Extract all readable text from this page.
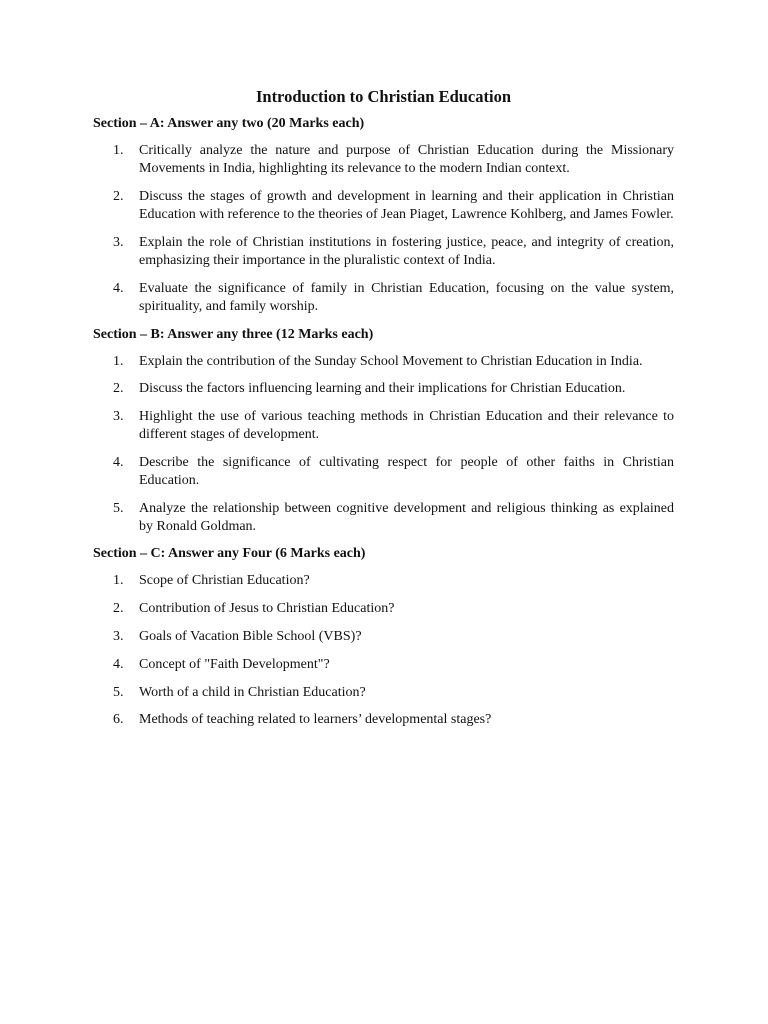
Introduction to Christian Education
Section – A: Answer any two (20 Marks each)
1.	Critically analyze the nature and purpose of Christian Education during the Missionary Movements in India, highlighting its relevance to the modern Indian context.
2.	Discuss the stages of growth and development in learning and their application in Christian Education with reference to the theories of Jean Piaget, Lawrence Kohlberg, and James Fowler.
3.	Explain the role of Christian institutions in fostering justice, peace, and integrity of creation, emphasizing their importance in the pluralistic context of India.
4.	Evaluate the significance of family in Christian Education, focusing on the value system, spirituality, and family worship.
Section – B: Answer any three (12 Marks each)
1.	Explain the contribution of the Sunday School Movement to Christian Education in India.
2.	Discuss the factors influencing learning and their implications for Christian Education.
3.	Highlight the use of various teaching methods in Christian Education and their relevance to different stages of development.
4.	Describe the significance of cultivating respect for people of other faiths in Christian Education.
5.	Analyze the relationship between cognitive development and religious thinking as explained by Ronald Goldman.
Section – C: Answer any Four (6 Marks each)
1.	Scope of Christian Education?
2.	Contribution of Jesus to Christian Education?
3.	Goals of Vacation Bible School (VBS)?
4.	Concept of "Faith Development"?
5.	Worth of a child in Christian Education?
6.	Methods of teaching related to learners’ developmental stages?
